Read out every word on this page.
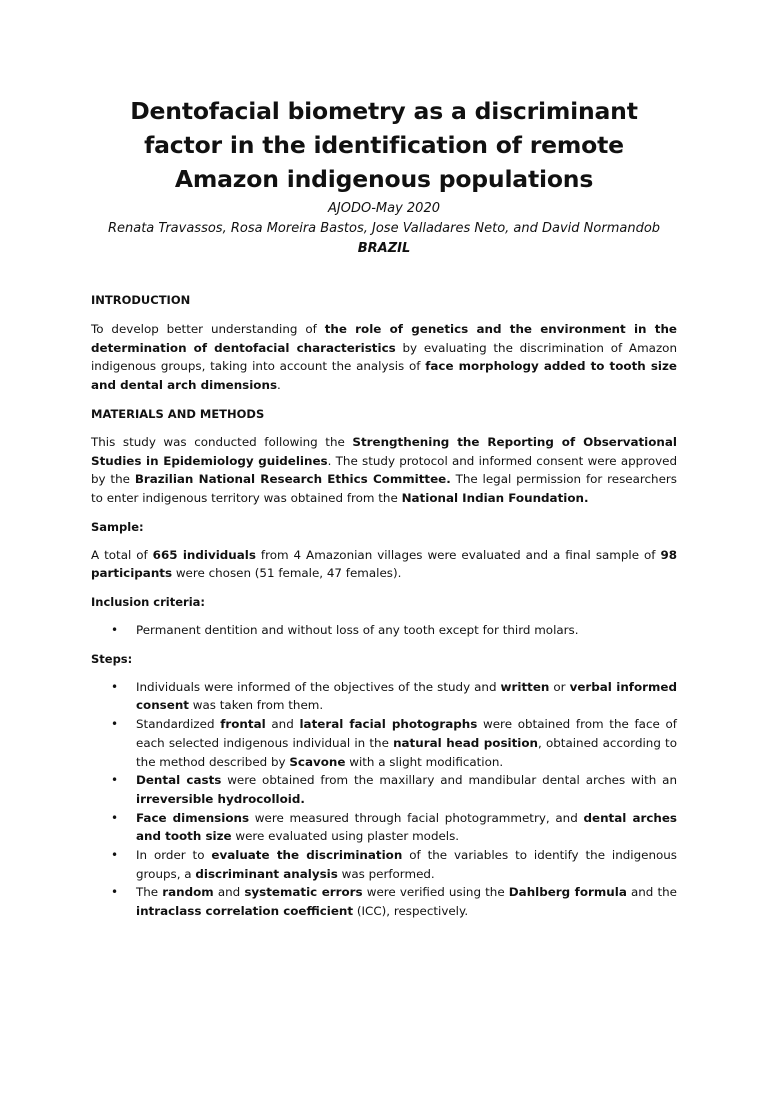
Dentofacial biometry as a discriminant
factor in the identification of remote
Amazon indigenous populations
AJODO-May 2020
Renata Travassos, Rosa Moreira Bastos, Jose Valladares Neto, and David Normandob
BRAZIL
INTRODUCTION

To develop better understanding of the role of genetics and the environment in the determination of dentofacial characteristics by evaluating the discrimination of Amazon indigenous groups, taking into account the analysis of face morphology added to tooth size and dental arch dimensions.

MATERIALS AND METHODS

This study was conducted following the Strengthening the Reporting of Observational Studies in Epidemiology guidelines. The study protocol and informed consent were approved by the Brazilian National Research Ethics Committee. The legal permission for researchers to enter indigenous territory was obtained from the National Indian Foundation.

Sample:

A total of 665 individuals from 4 Amazonian villages were evaluated and a final sample of 98 participants were chosen (51 female, 47 females).

Inclusion criteria:
• Permanent dentition and without loss of any tooth except for third molars.
Steps:
• Individuals were informed of the objectives of the study and written or verbal informed consent was taken from them.
• Standardized frontal and lateral facial photographs were obtained from the face of each selected indigenous individual in the natural head position, obtained according to the method described by Scavone with a slight modification.
• Dental casts were obtained from the maxillary and mandibular dental arches with an irreversible hydrocolloid.
• Face dimensions were measured through facial photogrammetry, and dental arches and tooth size were evaluated using plaster models.
• In order to evaluate the discrimination of the variables to identify the indigenous groups, a discriminant analysis was performed.
• The random and systematic errors were verified using the Dahlberg formula and the intraclass correlation coefficient (ICC), respectively.
